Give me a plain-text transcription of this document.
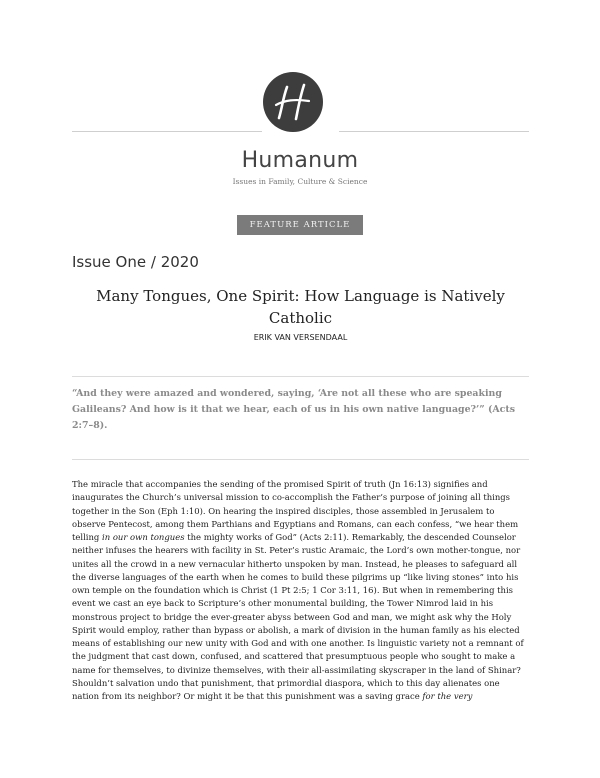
Humanum
Issues in Family, Culture & Science
FEATURE ARTICLE
Issue One / 2020
Many Tongues, One Spirit: How Language is Natively Catholic
ERIK VAN VERSENDAAL
“And they were amazed and wondered, saying, ‘Are not all these who are speaking Galileans? And how is it that we hear, each of us in his own native language?’” (Acts 2:7–8).
The miracle that accompanies the sending of the promised Spirit of truth (Jn 16:13) signifies and inaugurates the Church’s universal mission to co-accomplish the Father’s purpose of joining all things together in the Son (Eph 1:10). On hearing the inspired disciples, those assembled in Jerusalem to observe Pentecost, among them Parthians and Egyptians and Romans, can each confess, “we hear them telling in our own tongues the mighty works of God” (Acts 2:11). Remarkably, the descended Counselor neither infuses the hearers with facility in St. Peter’s rustic Aramaic, the Lord’s own mother-tongue, nor unites all the crowd in a new vernacular hitherto unspoken by man. Instead, he pleases to safeguard all the diverse languages of the earth when he comes to build these pilgrims up “like living stones” into his own temple on the foundation which is Christ (1 Pt 2:5; 1 Cor 3:11, 16). But when in remembering this event we cast an eye back to Scripture’s other monumental building, the Tower Nimrod laid in his monstrous project to bridge the ever-greater abyss between God and man, we might ask why the Holy Spirit would employ, rather than bypass or abolish, a mark of division in the human family as his elected means of establishing our new unity with God and with one another. Is linguistic variety not a remnant of the judgment that cast down, confused, and scattered that presumptuous people who sought to make a name for themselves, to divinize themselves, with their all-assimilating skyscraper in the land of Shinar? Shouldn’t salvation undo that punishment, that primordial diaspora, which to this day alienates one nation from its neighbor? Or might it be that this punishment was a saving grace for the very
